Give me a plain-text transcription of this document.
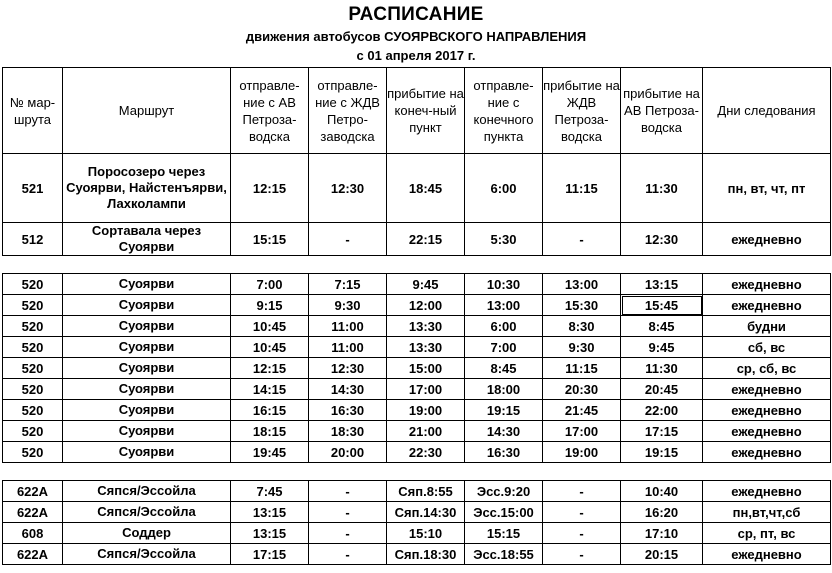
РАСПИСАНИЕ
движения автобусов СУОЯРВСКОГО НАПРАВЛЕНИЯ
с 01 апреля 2017 г.
№ мар-шрута	Маршрут	отправле-ние с АВ Петроза-водска	отправле-ние с ЖДВ Петро-заводска	прибытие на конеч-ный пункт	отправле-ние с конечного пункта	прибытие на ЖДВ Петроза-водска	прибытие на АВ Петроза-водска	Дни следования
521	Поросозеро через Суоярви, Найстенъярви, Лахколампи	12:15	12:30	18:45	6:00	11:15	11:30	пн, вт, чт, пт
512	Сортавала через Суоярви	15:15	-	22:15	5:30	-	12:30	ежедневно

520	Суоярви	7:00	7:15	9:45	10:30	13:00	13:15	ежедневно
520	Суоярви	9:15	9:30	12:00	13:00	15:30	15:45	ежедневно
520	Суоярви	10:45	11:00	13:30	6:00	8:30	8:45	будни
520	Суоярви	10:45	11:00	13:30	7:00	9:30	9:45	сб, вс
520	Суоярви	12:15	12:30	15:00	8:45	11:15	11:30	ср, сб, вс
520	Суоярви	14:15	14:30	17:00	18:00	20:30	20:45	ежедневно
520	Суоярви	16:15	16:30	19:00	19:15	21:45	22:00	ежедневно
520	Суоярви	18:15	18:30	21:00	14:30	17:00	17:15	ежедневно
520	Суоярви	19:45	20:00	22:30	16:30	19:00	19:15	ежедневно

622А	Сяпся/Эссойла	7:45	-	Сяп.8:55	Эсс.9:20	-	10:40	ежедневно
622А	Сяпся/Эссойла	13:15	-	Сяп.14:30	Эсс.15:00	-	16:20	пн,вт,чт,сб
608	Соддер	13:15	-	15:10	15:15	-	17:10	ср, пт, вс
622А	Сяпся/Эссойла	17:15	-	Сяп.18:30	Эсс.18:55	-	20:15	ежедневно
